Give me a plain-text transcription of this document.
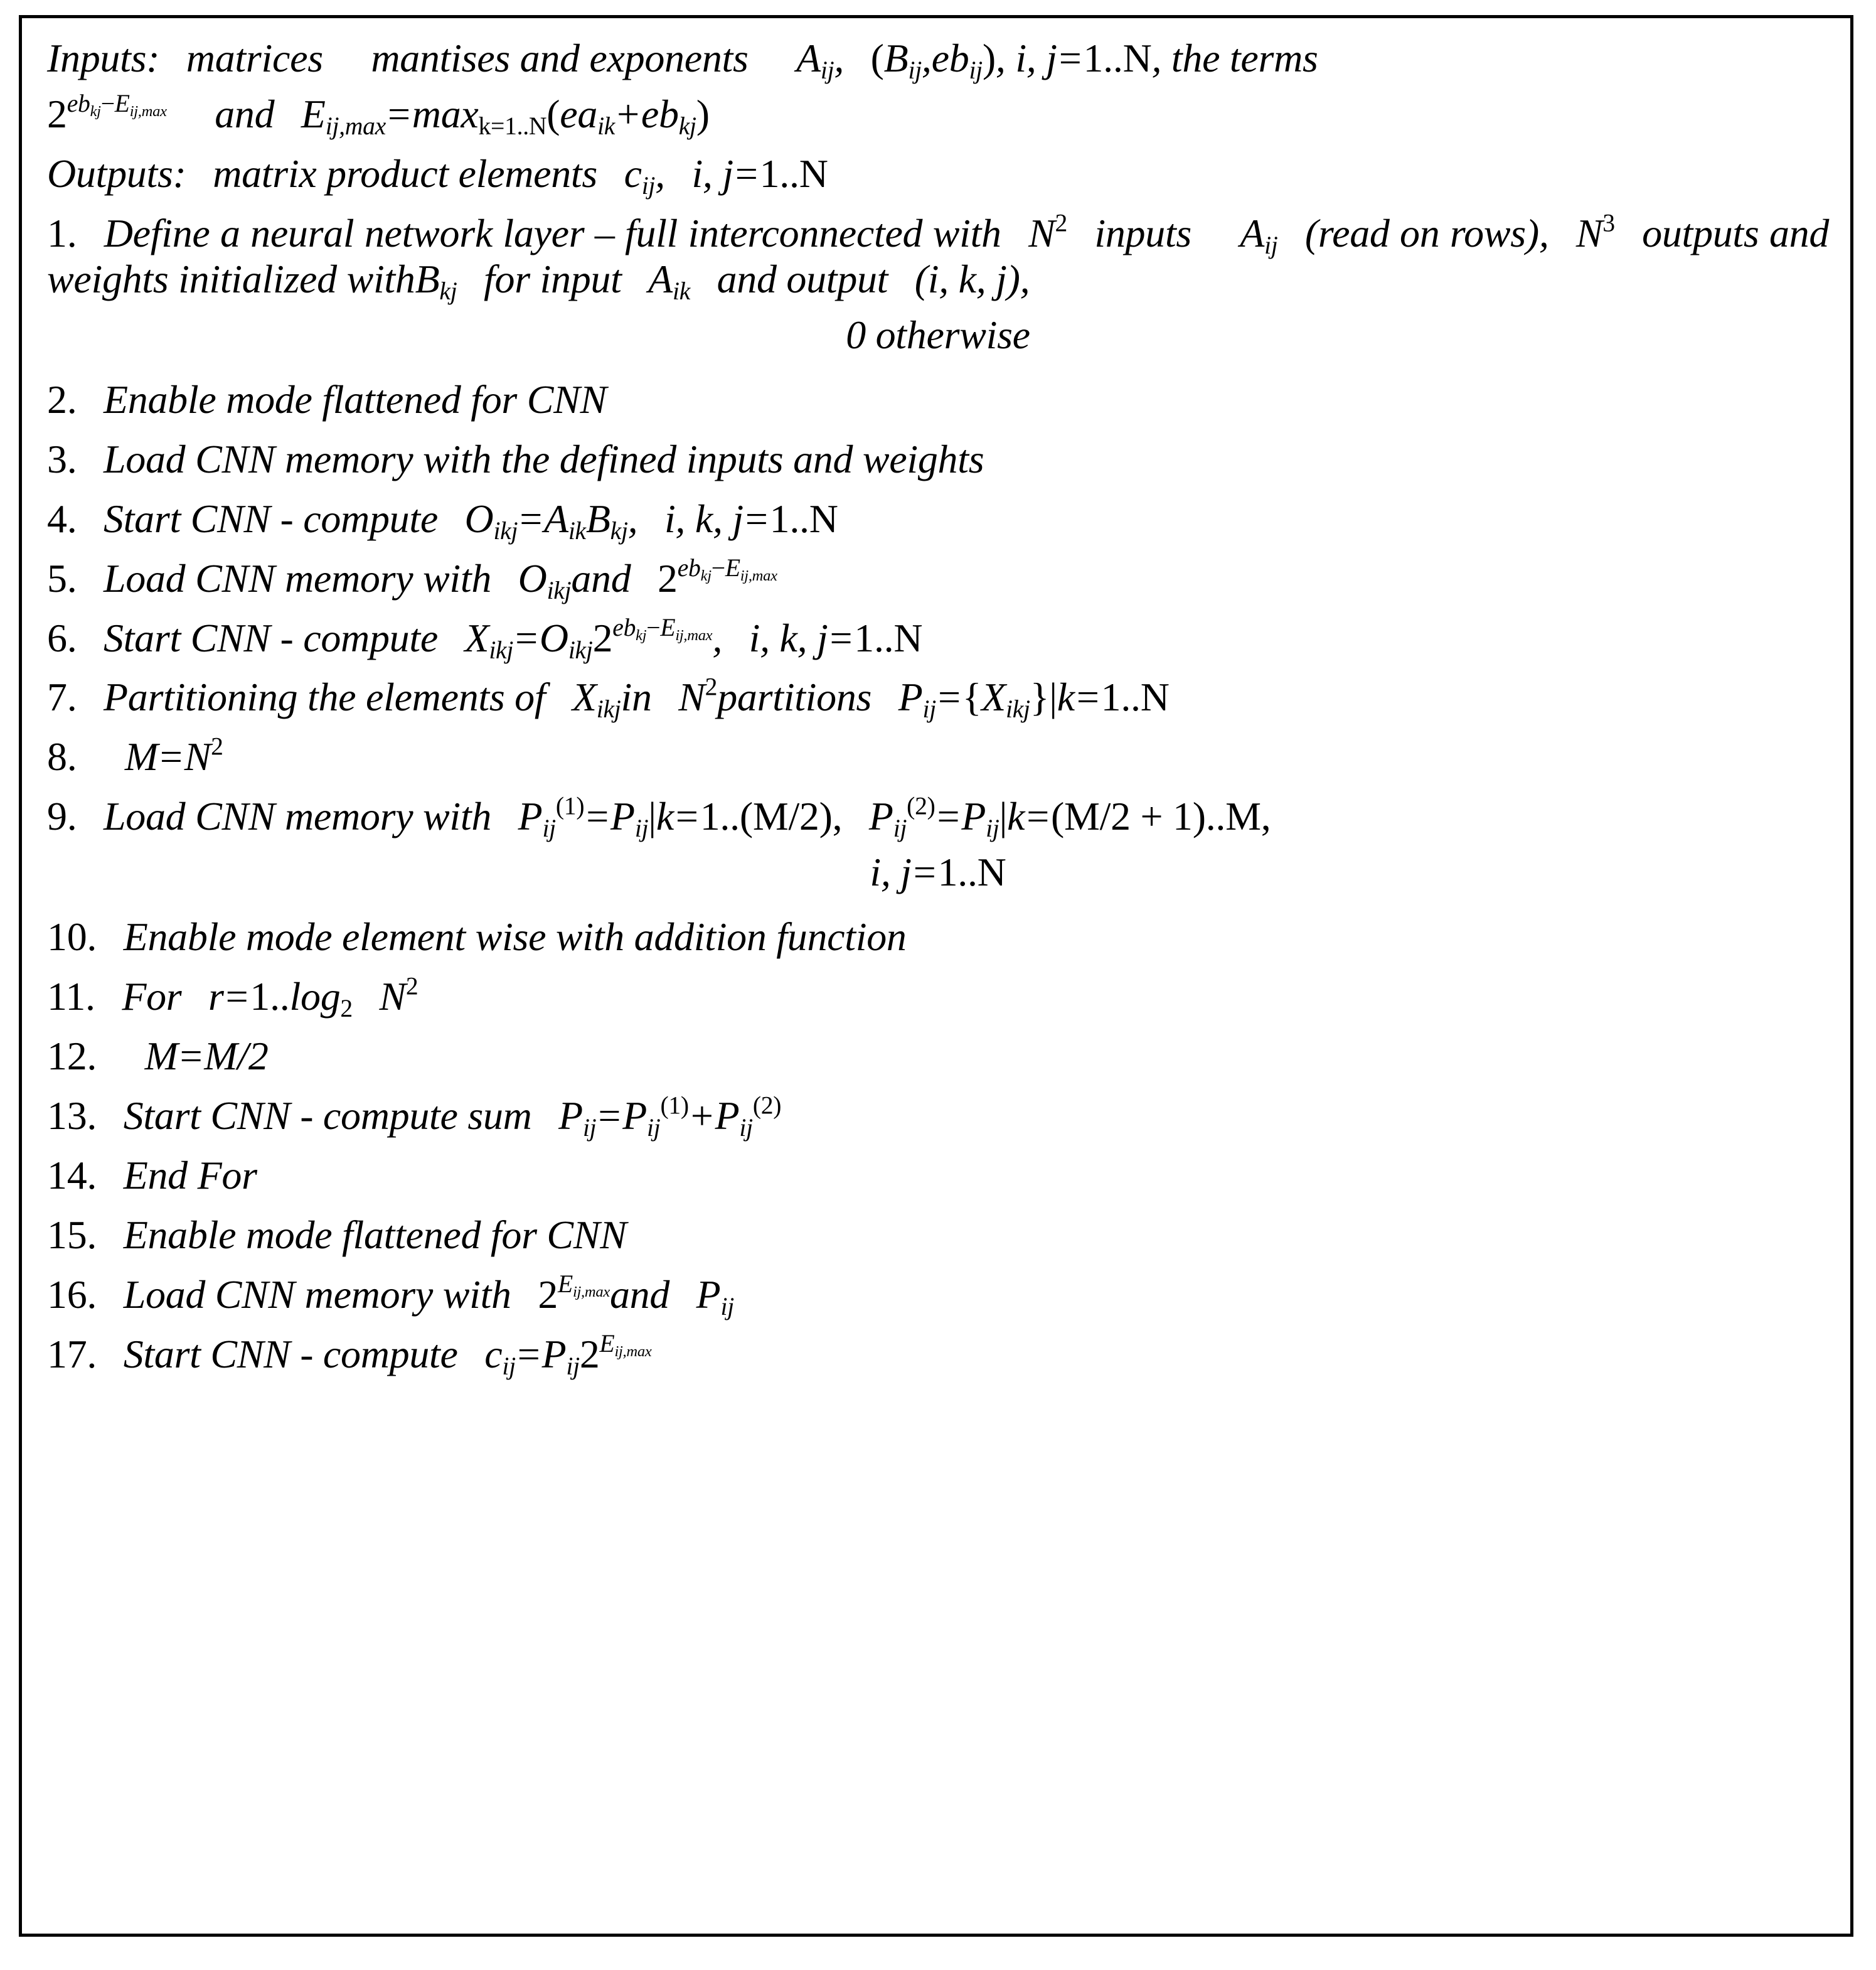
Inputs: matrices mantises and exponents $A_{ij}$, $(B_{ij},eb_{ij})$, i, j=1..N, the terms
$2^{eb_{kj}-E_{ij,max}}$ and $E_{ij,max}=\max_{k=1..N}(ea_{ik}+eb_{kj})$
Outputs: matrix product elements $c_{ij}$, i, j=1..N
1. Define a neural network layer – full interconnected with $N^2$ inputs $A_{ij}$ (read on rows), $N^3$ outputs and weights initialized withB$_{kj}$ for input $A_{ik}$ and output (i, k, j),
0 otherwise
2. Enable mode flattened for CNN
3. Load CNN memory with the defined inputs and weights
4. Start CNN - compute $O_{ikj}=A_{ik}B_{kj}$, i, k, j=1..N
5. Load CNN memory with $O_{ikj}and$ $2^{eb_{kj}-E_{ij,max}}$
6. Start CNN - compute $X_{ikj}=O_{ikj}2^{eb_{kj}-E_{ij,max}}$, i, k, j=1..N
7. Partitioning the elements of $X_{ikj}in$ $N^2partitions$ $P_{ij}=\{X_{ikj}\}|k=1..N$
8. $M=N^2$
9. Load CNN memory with $P_{ij}^{(1)}=P_{ij}|k=1..(M/2)$, $P_{ij}^{(2)}=P_{ij}|k=(M/2 + 1)..M$,
i, j=1..N
10. Enable mode element wise with addition function
11. For $r=1..\log_2$ $N^2$
12. M=M/2
13. Start CNN - compute sum $P_{ij}=P_{ij}^{(1)}+P_{ij}^{(2)}$
14. End For
15. Enable mode flattened for CNN
16. Load CNN memory with $2^{E_{ij,max}}and$ $P_{ij}$
17. Start CNN - compute $c_{ij}=P_{ij}2^{E_{ij,max}}$
